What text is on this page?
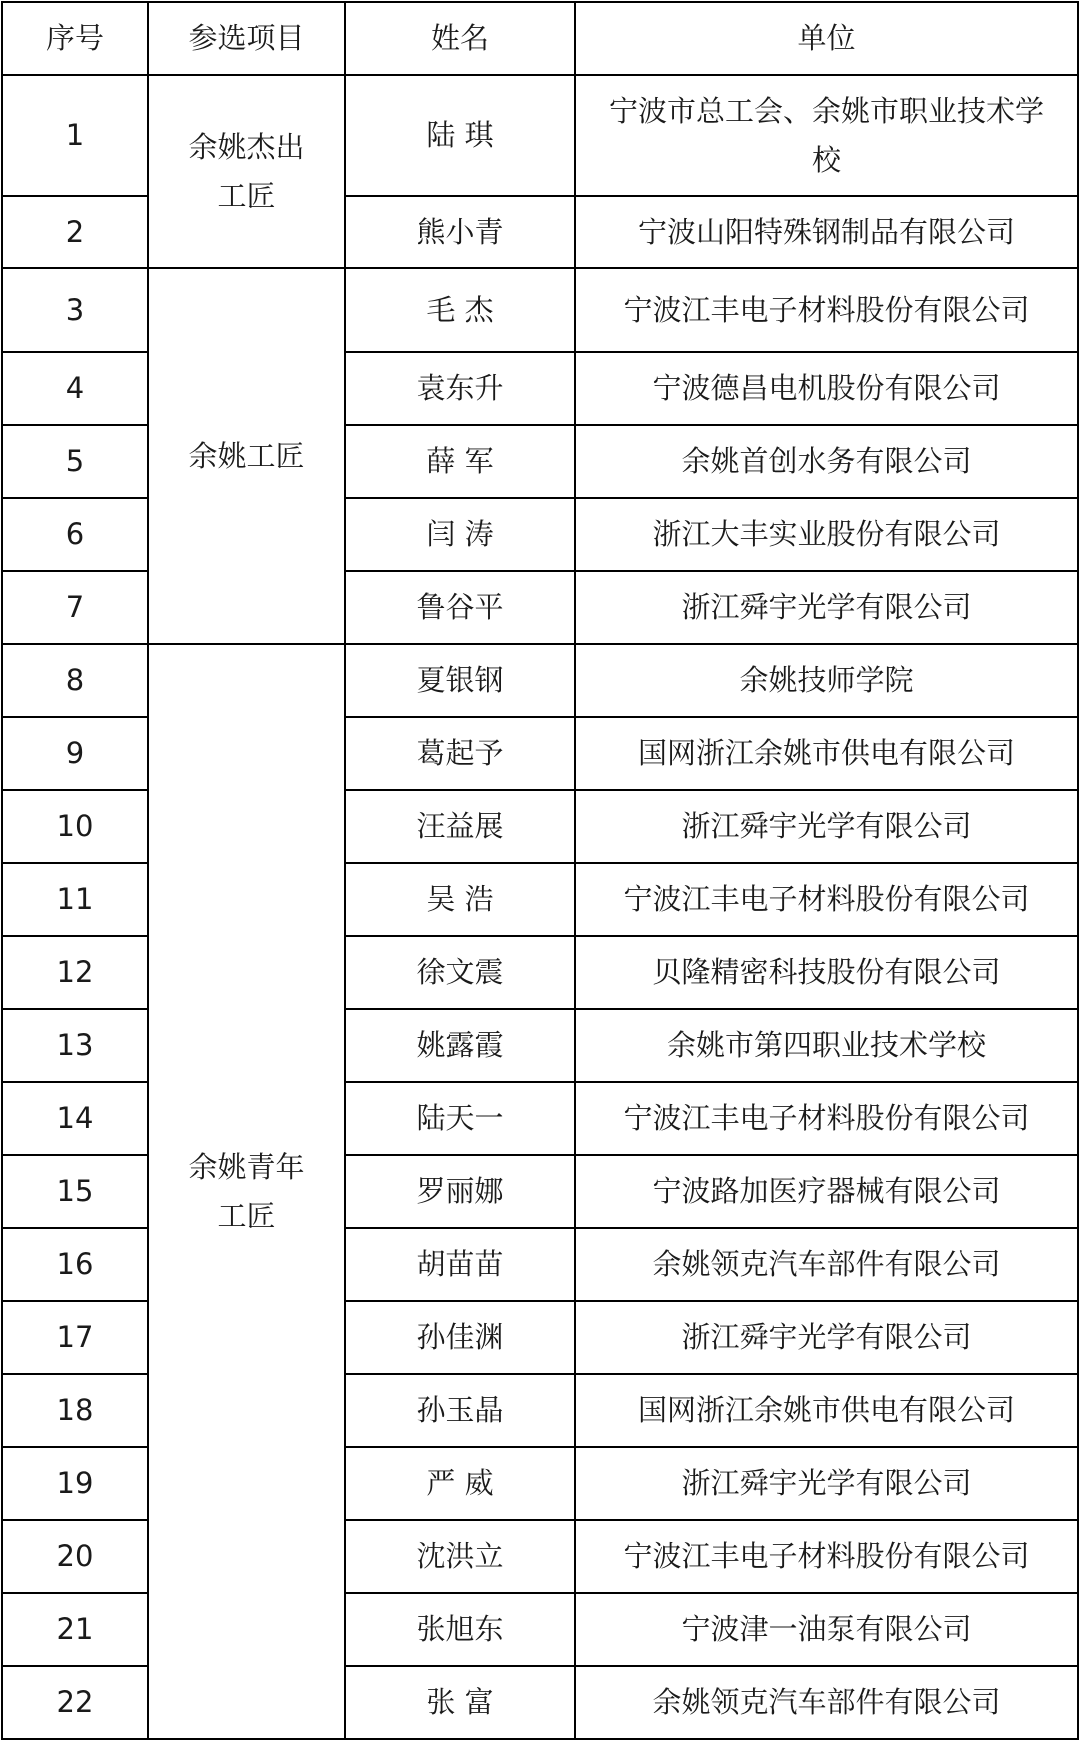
序号	参选项目	姓名	单位
1	余姚杰出工匠	陆 琪	宁波市总工会、余姚市职业技术学校

2		熊小青	宁波山阳特殊钢制品有限公司
3	余姚工匠	毛 杰	宁波江丰电子材料股份有限公司
4		袁东升	宁波德昌电机股份有限公司
5		薛 军	余姚首创水务有限公司
6		闫 涛	浙江大丰实业股份有限公司
7		鲁谷平	浙江舜宇光学有限公司
8	余姚青年工匠	夏银钢	余姚技师学院
9		葛起予	国网浙江余姚市供电有限公司
10		汪益展	浙江舜宇光学有限公司
11		吴 浩	宁波江丰电子材料股份有限公司
12		徐文震	贝隆精密科技股份有限公司
13		姚露霞	余姚市第四职业技术学校
14		陆天一	宁波江丰电子材料股份有限公司
15		罗丽娜	宁波路加医疗器械有限公司
16		胡苗苗	余姚领克汽车部件有限公司
17		孙佳渊	浙江舜宇光学有限公司
18		孙玉晶	国网浙江余姚市供电有限公司
19		严 威	浙江舜宇光学有限公司
20		沈洪立	宁波江丰电子材料股份有限公司
21		张旭东	宁波津一油泵有限公司
22		张 富	余姚领克汽车部件有限公司
